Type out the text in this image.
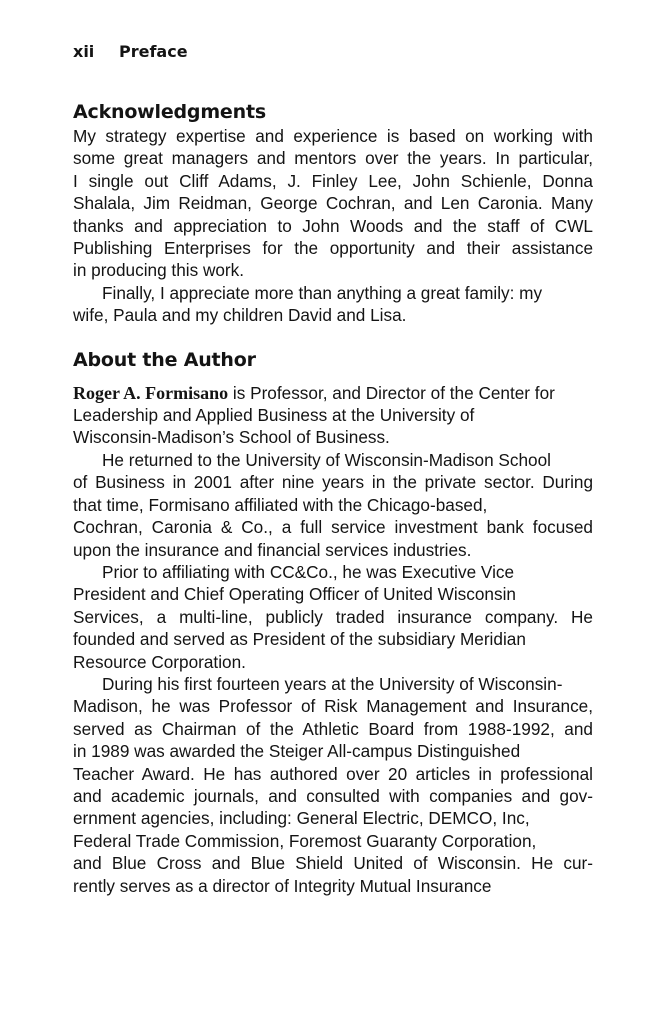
xii Preface
Acknowledgments

My strategy expertise and experience is based on working with
some great managers and mentors over the years. In particular,
I single out Cliff Adams, J. Finley Lee, John Schienle, Donna
Shalala, Jim Reidman, George Cochran, and Len Caronia. Many
thanks and appreciation to John Woods and the staff of CWL
Publishing Enterprises for the opportunity and their assistance
in producing this work.

Finally, I appreciate more than anything a great family: my
wife, Paula and my children David and Lisa.

About the Author

Roger A. Formisano is Professor, and Director of the Center for
Leadership and Applied Business at the University of
Wisconsin-Madison’s School of Business.

He returned to the University of Wisconsin-Madison School
of Business in 2001 after nine years in the private sector. During
that time, Formisano affiliated with the Chicago-based,
Cochran, Caronia & Co., a full service investment bank focused
upon the insurance and financial services industries.

Prior to affiliating with CC&Co., he was Executive Vice
President and Chief Operating Officer of United Wisconsin
Services, a multi-line, publicly traded insurance company. He
founded and served as President of the subsidiary Meridian
Resource Corporation.

During his first fourteen years at the University of Wisconsin-
Madison, he was Professor of Risk Management and Insurance,
served as Chairman of the Athletic Board from 1988-1992, and
in 1989 was awarded the Steiger All-campus Distinguished
Teacher Award. He has authored over 20 articles in professional
and academic journals, and consulted with companies and gov-
ernment agencies, including: General Electric, DEMCO, Inc,
Federal Trade Commission, Foremost Guaranty Corporation,
and Blue Cross and Blue Shield United of Wisconsin. He cur-
rently serves as a director of Integrity Mutual Insurance
